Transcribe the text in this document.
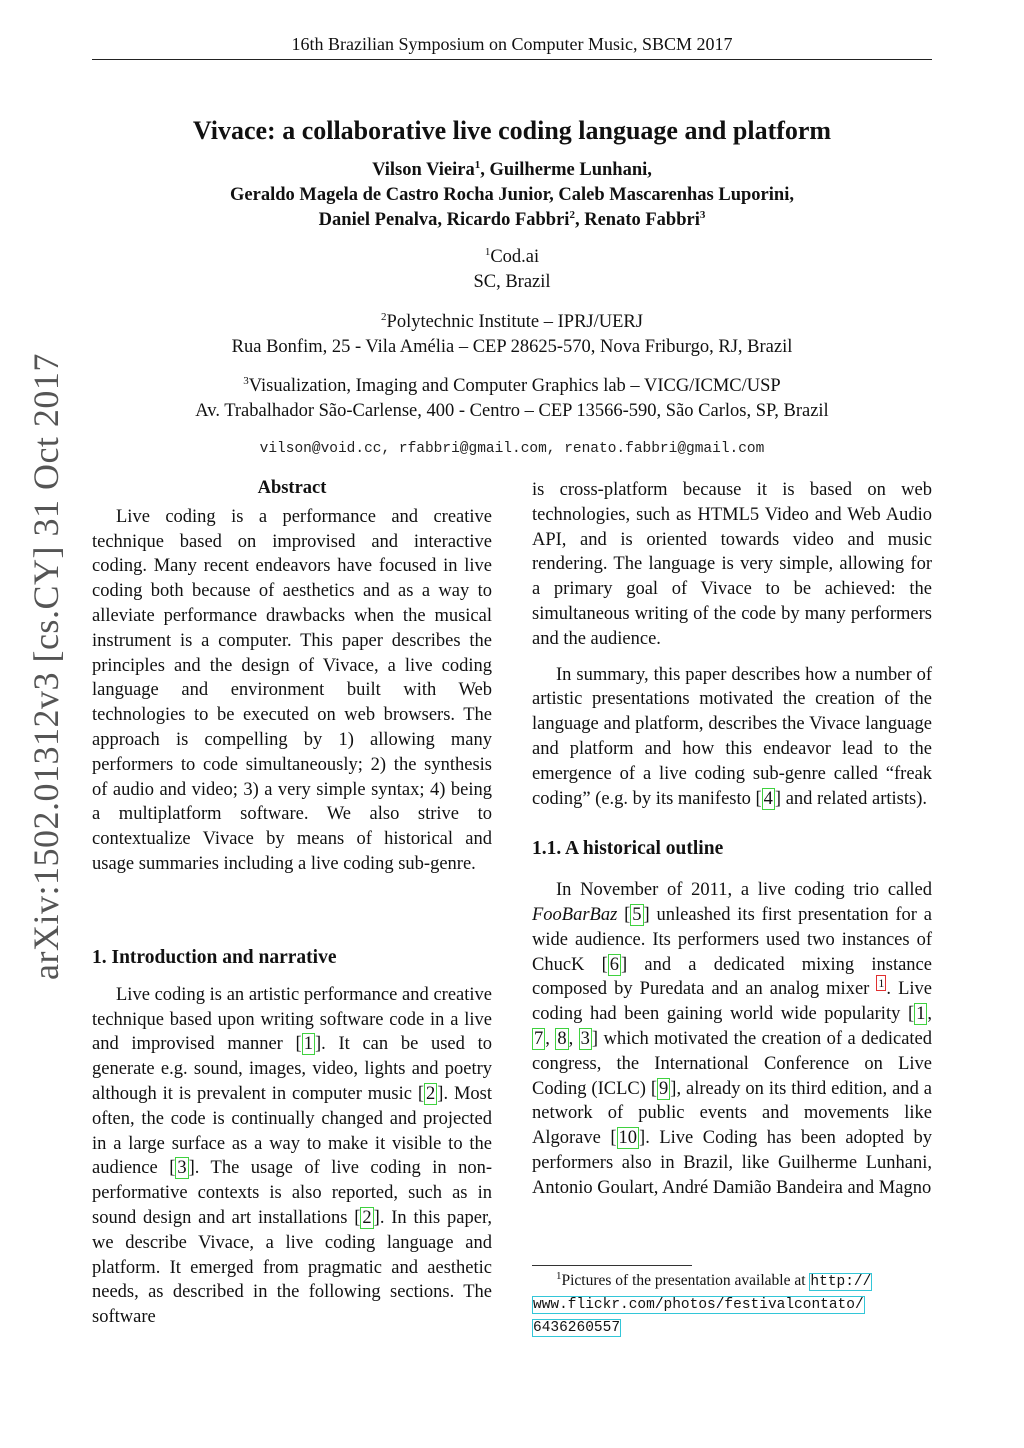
16th Brazilian Symposium on Computer Music, SBCM 2017
Vivace: a collaborative live coding language and platform
Vilson Vieira$^1$, Guilherme Lunhani,
Geraldo Magela de Castro Rocha Junior, Caleb Mascarenhas Luporini,
Daniel Penalva, Ricardo Fabbri$^2$, Renato Fabbri$^3$
$^1$Cod.ai
SC, Brazil
$^2$Polytechnic Institute – IPRJ/UERJ
Rua Bonfim, 25 - Vila Amélia – CEP 28625-570, Nova Friburgo, RJ, Brazil
$^3$Visualization, Imaging and Computer Graphics lab – VICG/ICMC/USP
Av. Trabalhador São-Carlense, 400 - Centro – CEP 13566-590, São Carlos, SP, Brazil
vilson@void.cc, rfabbri@gmail.com, renato.fabbri@gmail.com
arXiv:1502.01312v3 [cs.CY] 31 Oct 2017	Abstract

Live coding is a performance and creative technique based on improvised and interactive coding. Many recent endeavors have focused in live coding both because of aesthetics and as a way to alleviate performance drawbacks when the musical instrument is a computer. This paper describes the principles and the design of Vivace, a live coding language and environment built with Web technologies to be executed on web browsers. The approach is compelling by 1) allowing many performers to code simultaneously; 2) the synthesis of audio and video; 3) a very simple syntax; 4) being a multiplatform software. We also strive to contextualize Vivace by means of historical and usage summaries including a live coding sub-genre.

1. Introduction and narrative

Live coding is an artistic performance and creative technique based upon writing software code in a live and improvised manner [ 1 ]. It can be used to generate e.g. sound, images, video, lights and poetry although it is prevalent in computer music [ 2 ]. Most often, the code is continually changed and projected in a large surface as a way to make it visible to the audience [ 3 ]. The usage of live coding in non-performative contexts is also reported, such as in sound design and art installations [ 2 ]. In this paper, we describe Vivace, a live coding language and platform. It emerged from pragmatic and aesthetic needs, as described in the following sections. The software

is cross-platform because it is based on web technologies, such as HTML5 Video and Web Audio API, and is oriented towards video and music rendering. The language is very simple, allowing for a primary goal of Vivace to be achieved: the simultaneous writing of the code by many performers and the audience.

In summary, this paper describes how a number of artistic presentations motivated the creation of the language and platform, describes the Vivace language and platform and how this endeavor lead to the emergence of a live coding sub-genre called “freak coding” (e.g. by its manifesto [ 4 ] and related artists).

1.1. A historical outline

In November of 2011, a live coding trio called FooBarBaz [ 5 ] unleashed its first presentation for a wide audience. Its performers used two instances of ChucK [ 6 ] and a dedicated mixing instance composed by Puredata and an analog mixer $^1$ . Live coding had been gaining world wide popularity [ 1 , 7 , 8 , 3 ] which motivated the creation of a dedicated congress, the International Conference on Live Coding (ICLC) [ 9 ], already on its third edition, and a network of public events and movements like Algorave [ 10 ]. Live Coding has been adopted by performers also in Brazil, like Guilherme Lunhani, Antonio Goulart, André Damião Bandeira and Magno

$^1$Pictures of the presentation available at http://
www.flickr.com/photos/festivalcontato/
6436260557
